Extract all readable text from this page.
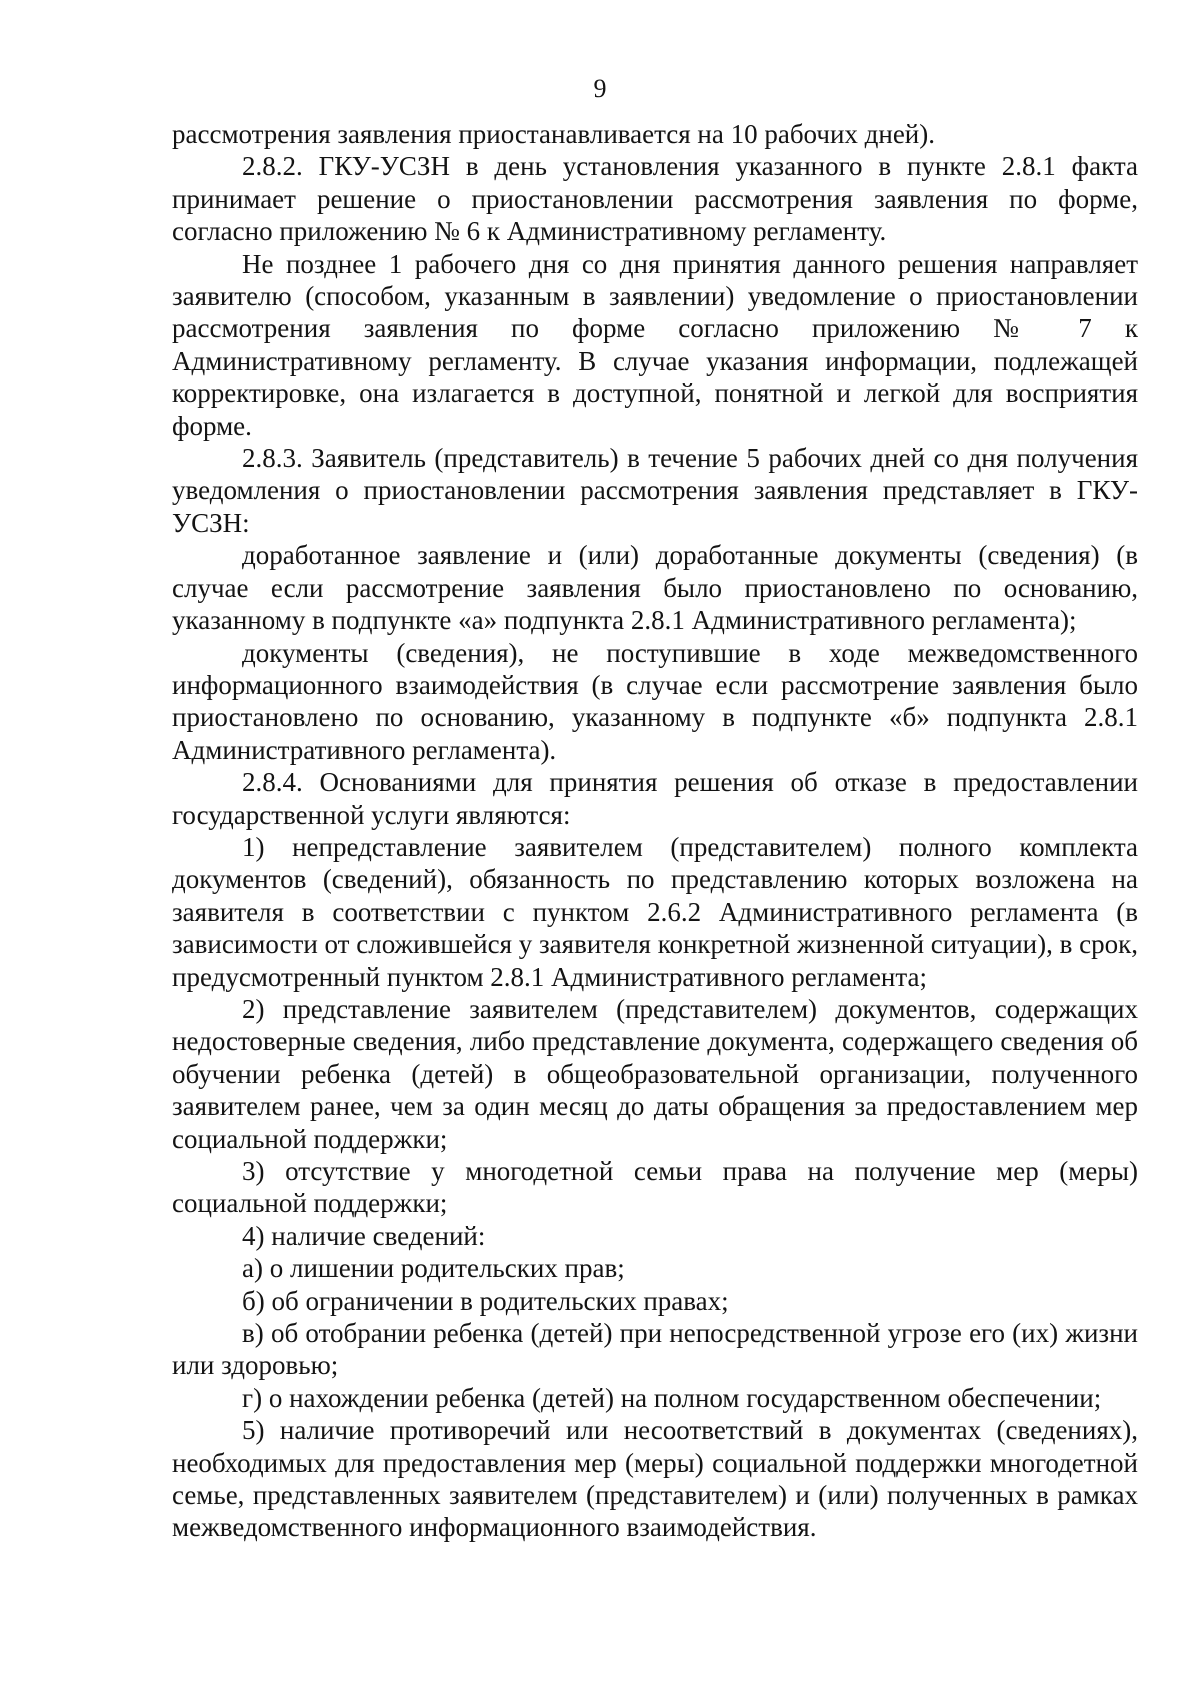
9

рассмотрения заявления приостанавливается на 10 рабочих дней).

2.8.2. ГКУ-УСЗН в день установления указанного в пункте 2.8.1 факта принимает решение о приостановлении рассмотрения заявления по форме, согласно приложению № 6 к Административному регламенту.

Не позднее 1 рабочего дня со дня принятия данного решения направляет заявителю (способом, указанным в заявлении) уведомление о приостановлении рассмотрения заявления по форме согласно приложению № 7 к Административному регламенту. В случае указания информации, подлежащей корректировке, она излагается в доступной, понятной и легкой для восприятия форме.

2.8.3. Заявитель (представитель) в течение 5 рабочих дней со дня получения уведомления о приостановлении рассмотрения заявления представляет в ГКУ-УСЗН:

доработанное заявление и (или) доработанные документы (сведения) (в случае если рассмотрение заявления было приостановлено по основанию, указанному в подпункте «а» подпункта 2.8.1 Административного регламента);

документы (сведения), не поступившие в ходе межведомственного информационного взаимодействия (в случае если рассмотрение заявления было приостановлено по основанию, указанному в подпункте «б» подпункта 2.8.1 Административного регламента).

2.8.4. Основаниями для принятия решения об отказе в предоставлении государственной услуги являются:

1) непредставление заявителем (представителем) полного комплекта документов (сведений), обязанность по представлению которых возложена на заявителя в соответствии с пунктом 2.6.2 Административного регламента (в зависимости от сложившейся у заявителя конкретной жизненной ситуации), в срок, предусмотренный пунктом 2.8.1 Административного регламента;

2) представление заявителем (представителем) документов, содержащих недостоверные сведения, либо представление документа, содержащего сведения об обучении ребенка (детей) в общеобразовательной организации, полученного заявителем ранее, чем за один месяц до даты обращения за предоставлением мер социальной поддержки;

3) отсутствие у многодетной семьи права на получение мер (меры) социальной поддержки;

4) наличие сведений:

а) о лишении родительских прав;

б) об ограничении в родительских правах;

в) об отобрании ребенка (детей) при непосредственной угрозе его (их) жизни или здоровью;

г) о нахождении ребенка (детей) на полном государственном обеспечении;

5) наличие противоречий или несоответствий в документах (сведениях), необходимых для предоставления мер (меры) социальной поддержки многодетной семье, представленных заявителем (представителем) и (или) полученных в рамках межведомственного информационного взаимодействия.
